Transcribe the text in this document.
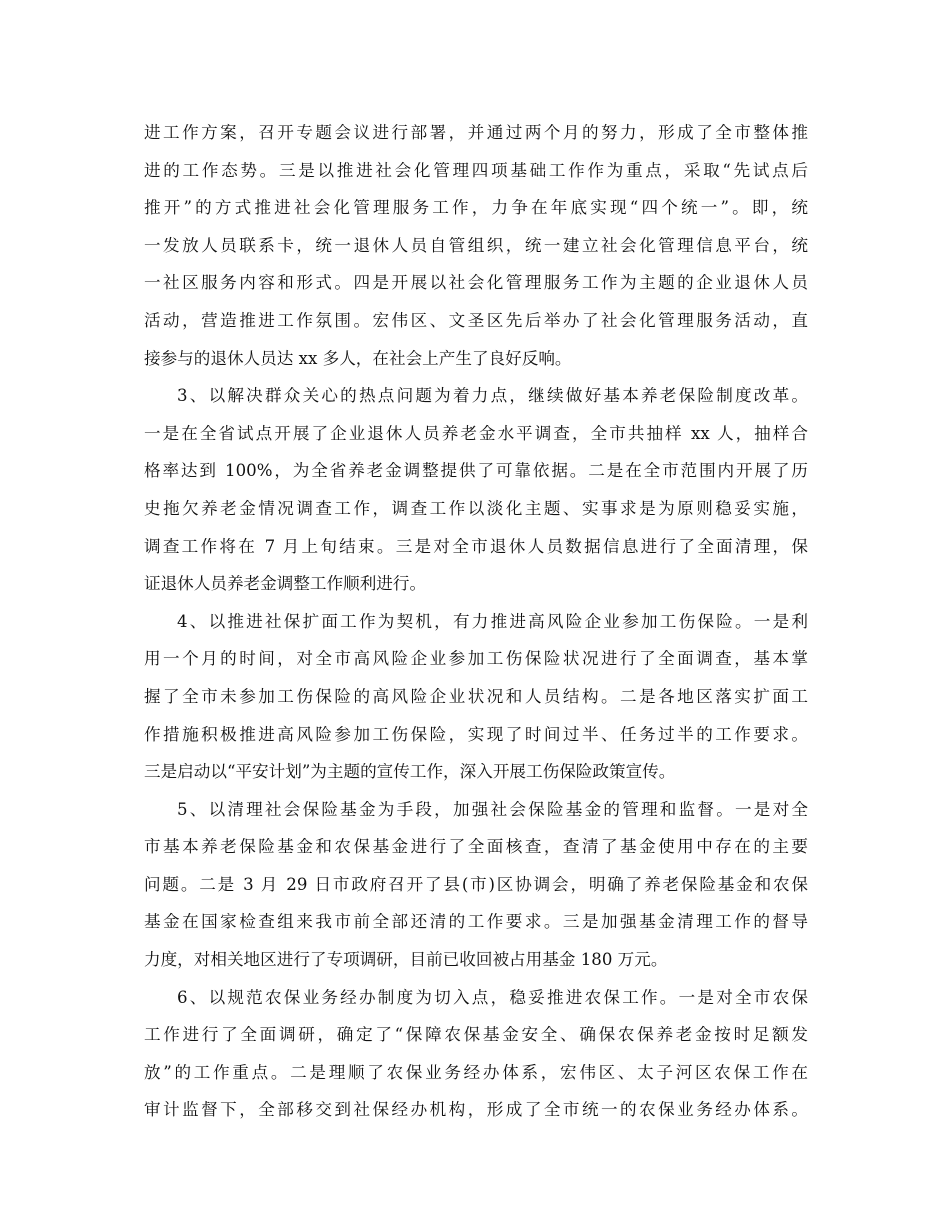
进工作方案，召开专题会议进行部署，并通过两个月的努力，形成了全市整体推
进的工作态势。三是以推进社会化管理四项基础工作作为重点，采取“先试点后
推开”的方式推进社会化管理服务工作，力争在年底实现“四个统一”。即，统
一发放人员联系卡，统一退休人员自管组织，统一建立社会化管理信息平台，统
一社区服务内容和形式。四是开展以社会化管理服务工作为主题的企业退休人员
活动，营造推进工作氛围。宏伟区、文圣区先后举办了社会化管理服务活动，直
接参与的退休人员达 xx 多人，在社会上产生了良好反响。
3、以解决群众关心的热点问题为着力点，继续做好基本养老保险制度改革。
一是在全省试点开展了企业退休人员养老金水平调查，全市共抽样 xx 人，抽样合
格率达到 100%，为全省养老金调整提供了可靠依据。二是在全市范围内开展了历
史拖欠养老金情况调查工作，调查工作以淡化主题、实事求是为原则稳妥实施，
调查工作将在 7 月上旬结束。三是对全市退休人员数据信息进行了全面清理，保
证退休人员养老金调整工作顺利进行。
4、以推进社保扩面工作为契机，有力推进高风险企业参加工伤保险。一是利
用一个月的时间，对全市高风险企业参加工伤保险状况进行了全面调查，基本掌
握了全市未参加工伤保险的高风险企业状况和人员结构。二是各地区落实扩面工
作措施积极推进高风险参加工伤保险，实现了时间过半、任务过半的工作要求。
三是启动以“平安计划”为主题的宣传工作，深入开展工伤保险政策宣传。
5、以清理社会保险基金为手段，加强社会保险基金的管理和监督。一是对全
市基本养老保险基金和农保基金进行了全面核查，查清了基金使用中存在的主要
问题。二是 3 月 29 日市政府召开了县(市)区协调会，明确了养老保险基金和农保
基金在国家检查组来我市前全部还清的工作要求。三是加强基金清理工作的督导
力度，对相关地区进行了专项调研，目前已收回被占用基金 180 万元。
6、以规范农保业务经办制度为切入点，稳妥推进农保工作。一是对全市农保
工作进行了全面调研，确定了“保障农保基金安全、确保农保养老金按时足额发
放”的工作重点。二是理顺了农保业务经办体系，宏伟区、太子河区农保工作在
审计监督下，全部移交到社保经办机构，形成了全市统一的农保业务经办体系。
